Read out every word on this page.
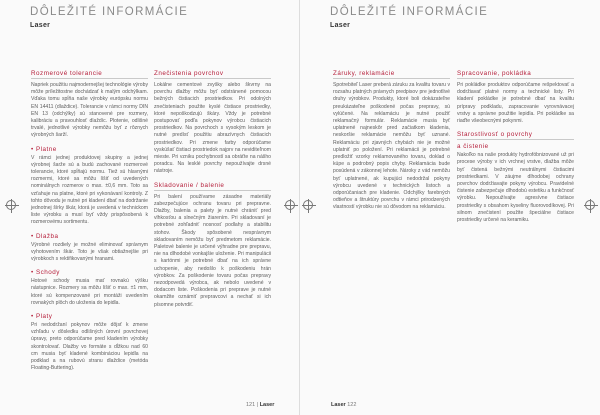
DÔLEŽITÉ INFORMÁCIE
Laser
Rozmerové tolerancie
Napriek použitiu najmodernejšej technológie výroby môže príležitostne dochádzať k malým odchýlkam. Vďaka tomu spĺňa naše výrobky európsku normu EN 14411 (dlaždice). Tolerancie v rámci normy DIN EN 13 (odchýlky) sú stanovené pre rozmery, kalibráciu a pravouhlosť dlaždíc. Plotenie, odlišné trvalé, jednotlivé výrobky nemôžu byť z rôznych výrobných šarží.
• Platne
V rámci jednej produktovej skupiny a jednej výrobnej šarže sú a budú zachované rozmerové tolerancie, ktoré spĺňajú normu. Tiež sú hlavnými rozmermi, ktoré sa môžu líšiť od uvedených nominálnych rozmerov o max. ±0,6 mm. Toto sa vzťahuje na platne, ktoré pri vykonávaní kontroly. Z tohto dôvodu je nutné pri kladení dbať na dodržanie jednotnej šírky škár, ktorá je uvedená v technickom liste výrobku a musí byť vždy prispôsobená k rozmerovému sortimentu.
• Dlažba
Výrobné rozdiely je možné eliminovať správnym vyhotovením škár. Toto je však obtiažnejšie pri výrobkoch s rektifikovanými hranami.
• Schody
Hotové schody musia mať rovnakú výšku nástupnice. Rozmery sa môžu líšiť o max. ±1 mm, ktoré sú kompenzované pri montáži uvedením rovnakých plôch do uloženia do lepidla.
• Platy
Pri nedodržaní pokynov môže dôjsť k zmene vzhľadu v dôsledku odlišných úrovní povrchovej úpravy, preto odporúčame pred kladením výrobky skontrolovať. Dlažby vo formáte s dĺžkou nad 60 cm musia byť kladené kombináciou lepidla na podklad a na rubovú stranu dlaždice (metóda Floating-Buttering).
Znečistenia povrchov
Lokálne cementové zvyšky alebo škvrny na povrchu dlažby môžu byť odstránené pomocou bežných čistiacich prostriedkov. Pri odolných znečisteniach použite kyslé čistiace prostriedky, ktoré nepoškodzujú škáry. Vždy je potrebné postupovať podľa pokynov výrobcu čistiacich prostriedkov. Na povrchoch s vysokým leskom je nutné predísť použitiu abrazívnych čistiacich prostriedkov. Pri zmene farby odporúčame vyskúšať čistiaci prostriedok najprv na neviditeľnom mieste. Pri vzniku pochybností sa obráťte na nášho poradcu. Na lesklé povrchy nepoužívajte drsné nástroje.
Skladovanie / balenie
Pri balení používame zásadne materiály zabezpečujúce ochranu tovaru pri prepravne. Dlažby, balenia a palety je nutné chrániť pred vlhkosťou a slnečným žiarením. Pri skladovaní je potrebné zohľadniť nosnosť podlahy a stabilitu stohov. Škody spôsobené nesprávnym skladovaním nemôžu byť predmetom reklamácie. Paletové balenie je určené výhradne pre prepravu, nie na dlhodobé vonkajšie uloženie. Pri manipulácii s kartónmi je potrebné dbať na ich správne uchopenie, aby nedošlo k poškodeniu hrán výrobkov. Za poškodenie tovaru počas prepravy nezodpovedá výrobca, ak nebolo uvedené v dodacom liste. Poškodenia pri preprave je nutné okamžite oznámiť prepravcovi a nechať si ich písomne potvrdiť.
121 | Laser
DÔLEŽITÉ INFORMÁCIE
Laser
Záruky, reklamácie
Spotrebiteľ Laser preberá záruku za kvalitu tovaru v rozsahu platných právnych predpisov pre jednotlivé druhy výrobkov. Produkty, ktoré boli dokázateľne preukázateľne poškodené počas prepravy, sú vylúčené. Na reklamáciu je nutné použiť reklamačný formulár. Reklamácie musia byť uplatnené najneskôr pred začiatkom kladenia, neskoršie reklamácie nemôžu byť uznané. Reklamáciu pri zjavných chybách nie je možné uplatniť po položení. Pri reklamácii je potrebné predložiť vzorky reklamovaného tovaru, doklad o kúpe a podrobný popis chyby. Reklamácia bude posúdená v zákonnej lehote. Nároky z vád nemôžu byť uplatnené, ak kupujúci nedodržal pokyny výrobcu uvedené v technických listoch a odporúčaniach pre kladenie. Odchýlky farebných odtieňov a štruktúry povrchu v rámci prirodzených vlastností výrobku nie sú dôvodom na reklamáciu.
Spracovanie, pokládka
Pri pokládke produktov odporúčame rešpektovať a dodržiavať platné normy a technické listy. Pri kladení pokládke je potrebné dbať na kvalitu prípravy podkladu, zapracovanie vyrovnávacej vrstvy a správne použitie lepidla. Pri pokládke sa riaďte všeobecnými pokynmi.
Starostlivosť o povrchy
a čistenie
Nakoľko na naše produkty hydrofóbnizované už pri procese výroby v ich vrchnej vrstve, dlažba môže byť čistená bežnými neutrálnymi čistiacimi prostriedkami. V záujme dlhodobej ochrany povrchov dodržiavajte pokyny výrobcu. Pravidelné čistenie zabezpečuje dlhodobú estetiku a funkčnosť výrobku. Nepoužívajte agresívne čistiace prostriedky s obsahom kyseliny fluorovodíkovej. Pri silnom znečistení použite špeciálne čistiace prostriedky určené na keramiku.
Laser 122
